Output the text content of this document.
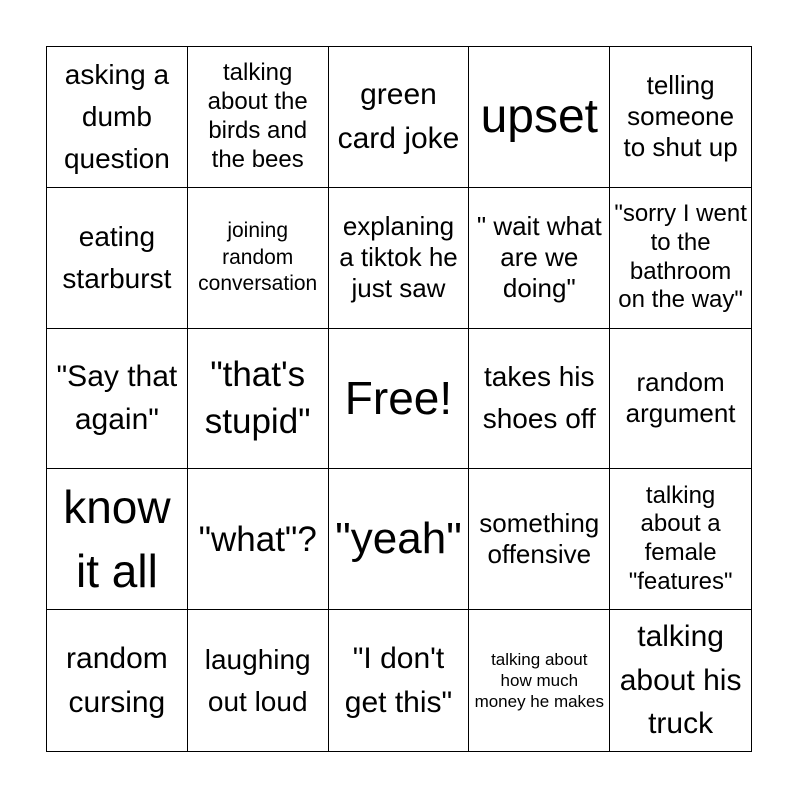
asking a dumb question
talking about the birds and the bees
green card joke upset
telling someone to shut up
eating starburst
joining random conversation
explaning a tiktok he just saw
" wait what are we doing"
"sorry I went to the bathroom on the way"
"Say that again"
"that's stupid" Free!	takes his shoes off
random argument
know it all
"what"? "yeah" something offensive
talking about a female "features"
random cursing
laughing out loud
"I don't get this"
talking about how much money he makes
talking about his truck
